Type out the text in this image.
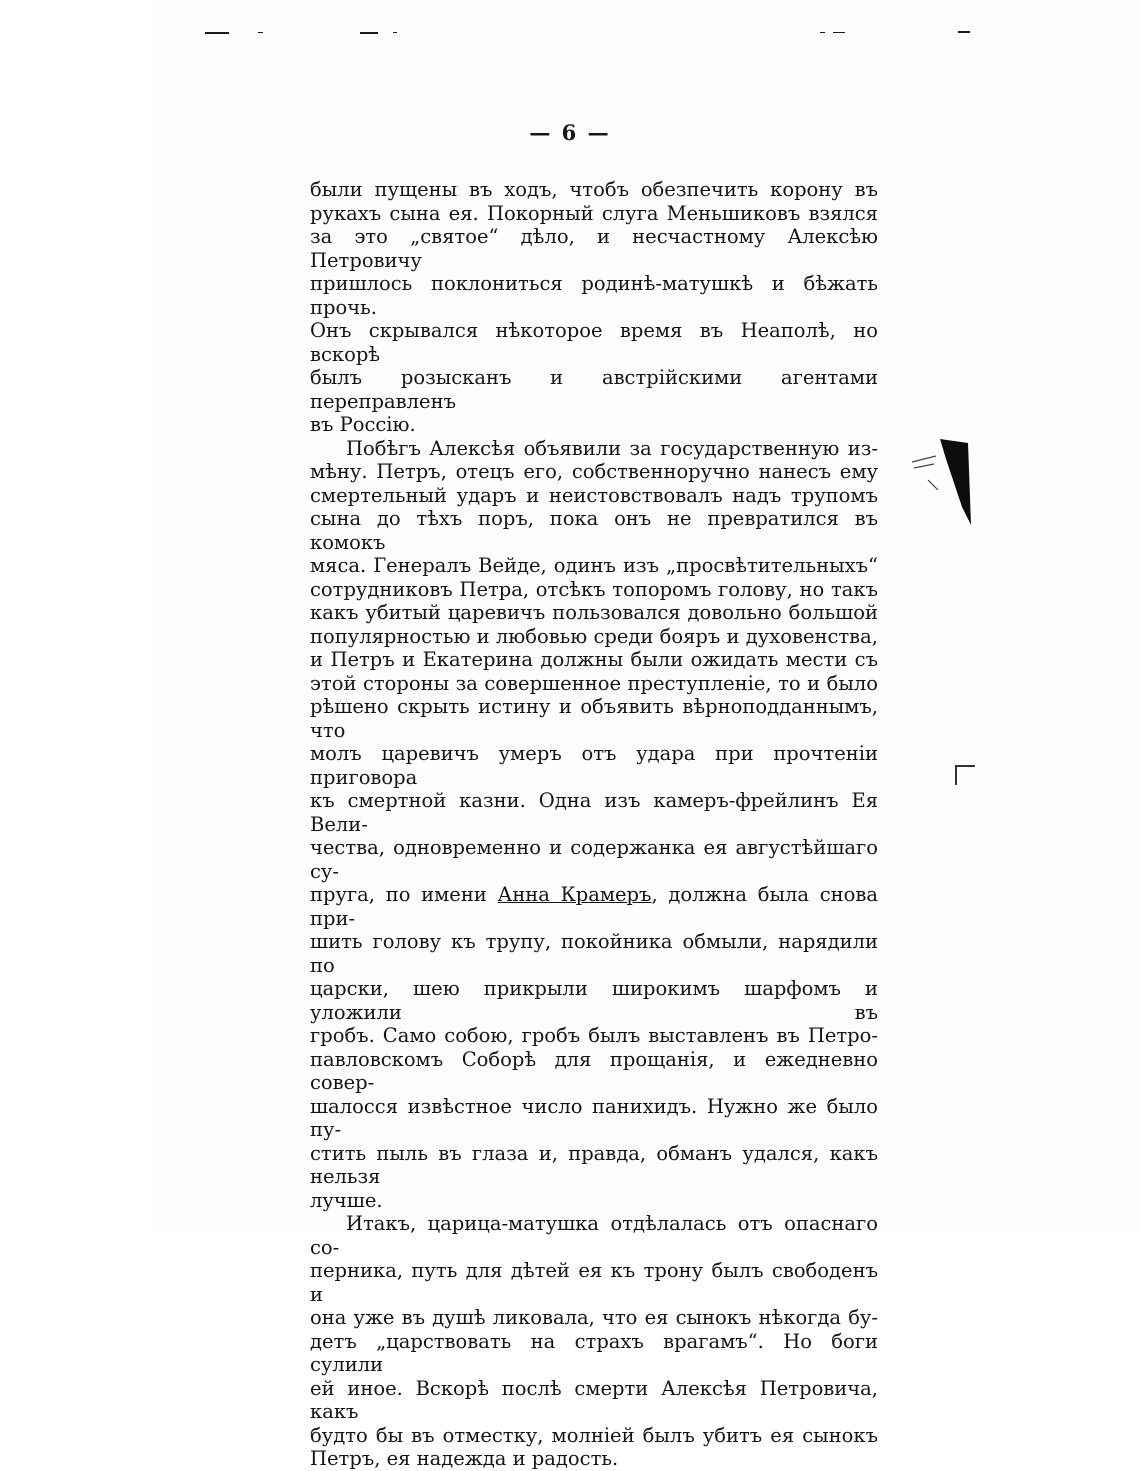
— 6 —

были пущены въ ходъ, чтобъ обезпечить корону въ
рукахъ сына ея. Покорный слуга Меньшиковъ взялся
за это „святое“ дѣло, и несчастному Алексѣю Петровичу
пришлось поклониться родинѣ-матушкѣ и бѣжать прочь.
Онъ скрывался нѣкоторое время въ Неаполѣ, но вскорѣ
былъ розысканъ и австрійскими агентами переправленъ
въ Россію.

Побѣгъ Алексѣя объявили за государственную из-
мѣну. Петръ, отецъ его, собственноручно нанесъ ему
смертельный ударъ и неистовствовалъ надъ трупомъ
сына до тѣхъ поръ, пока онъ не превратился въ комокъ
мяса. Генералъ Вейде, одинъ изъ „просвѣтительныхъ“
сотрудниковъ Петра, отсѣкъ топоромъ голову, но такъ
какъ убитый царевичъ пользовался довольно большой
популярностью и любовью среди бояръ и духовенства,
и Петръ и Екатерина должны были ожидать мести съ
этой стороны за совершенное преступленіе, то и было
рѣшено скрыть истину и объявить вѣрноподданнымъ, что
молъ царевичъ умеръ отъ удара при прочтеніи приговора
къ смертной казни. Одна изъ камеръ-фрейлинъ Ея Вели-
чества, одновременно и содержанка ея августѣйшаго су-
пруга, по имени Анна Крамеръ, должна была снова при-
шить голову къ трупу, покойника обмыли, нарядили по
царски, шею прикрыли широкимъ шарфомъ и уложили въ
гробъ. Само собою, гробъ былъ выставленъ въ Петро-
павловскомъ Соборѣ для прощанія, и ежедневно совер-
шалосся извѣстное число панихидъ. Нужно же было пу-
стить пыль въ глаза и, правда, обманъ удался, какъ нельзя
лучше.

Итакъ, царица-матушка отдѣлалась отъ опаснаго со-
перника, путь для дѣтей ея къ трону былъ свободенъ и
она уже въ душѣ ликовала, что ея сынокъ нѣкогда бу-
детъ „царствовать на страхъ врагамъ“. Но боги сулили
ей иное. Вскорѣ послѣ смерти Алексѣя Петровича, какъ
будто бы въ отместку, молніей былъ убитъ ея сынокъ
Петръ, ея надежда и радость.
